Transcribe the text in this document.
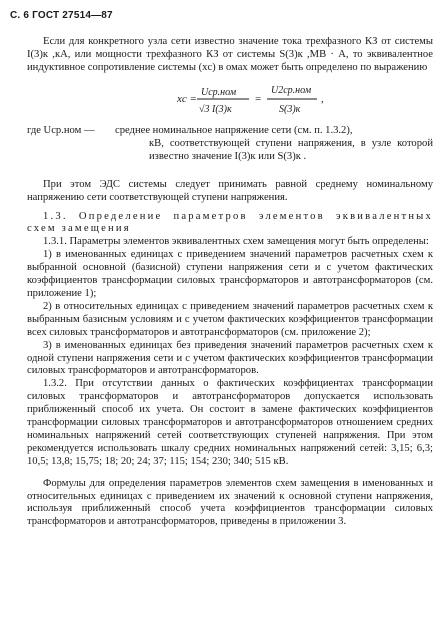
С. 6 ГОСТ 27514—87

Если для конкретного узла сети известно значение тока трехфазного КЗ от системы I(3)к ,кА, или мощности трехфазного КЗ от системы S(3)к ,МВ · А, то эквивалентное индуктивное сопротивление системы (xс) в омах может быть определено по выражению

xс =
Uср.ном
√3 I(3)к
=
U2ср.ном
S(3)к
,
где Uср.ном — среднее номинальное напряжение сети (см. п. 1.3.2),
кВ, соответствующей ступени напряжения, в узле которой известно значение I(3)к или S(3)к .

При этом ЭДС системы следует принимать равной среднему номинальному напряжению сети соответствующей ступени напряжения.

1.3. Определение параметров элементов эквивалентных схем замещения

1.3.1. Параметры элементов эквивалентных схем замещения могут быть определены:

1) в именованных единицах с приведением значений параметров расчетных схем к выбранной основной (базисной) ступени напряжения сети и с учетом фактических коэффициентов трансформации силовых трансформаторов и автотрансформаторов (см. приложение 1);

2) в относительных единицах с приведением значений параметров расчетных схем к выбранным базисным условиям и с учетом фактических коэффициентов трансформации всех силовых трансформаторов и автотрансформаторов (см. приложение 2);

3) в именованных единицах без приведения значений параметров расчетных схем к одной ступени напряжения сети и с учетом фактических коэффициентов трансформации силовых трансформаторов и автотрансформаторов.

1.3.2. При отсутствии данных о фактических коэффициентах трансформации силовых трансформаторов и автотрансформаторов допускается использовать приближенный способ их учета. Он состоит в замене фактических коэффициентов трансформации силовых трансформаторов и автотрансформаторов отношением средних номинальных напряжений сетей соответствующих ступеней напряжения. При этом рекомендуется использовать шкалу средних номинальных напряжений сетей: 3,15; 6,3; 10,5; 13,8; 15,75; 18; 20; 24; 37; 115; 154; 230; 340; 515 кВ.

Формулы для определения параметров элементов схем замещения в именованных и относительных единицах с приведением их значений к основной ступени напряжения, используя приближенный способ учета коэффициентов трансформации силовых трансформаторов и автотрансформаторов, приведены в приложении 3.
